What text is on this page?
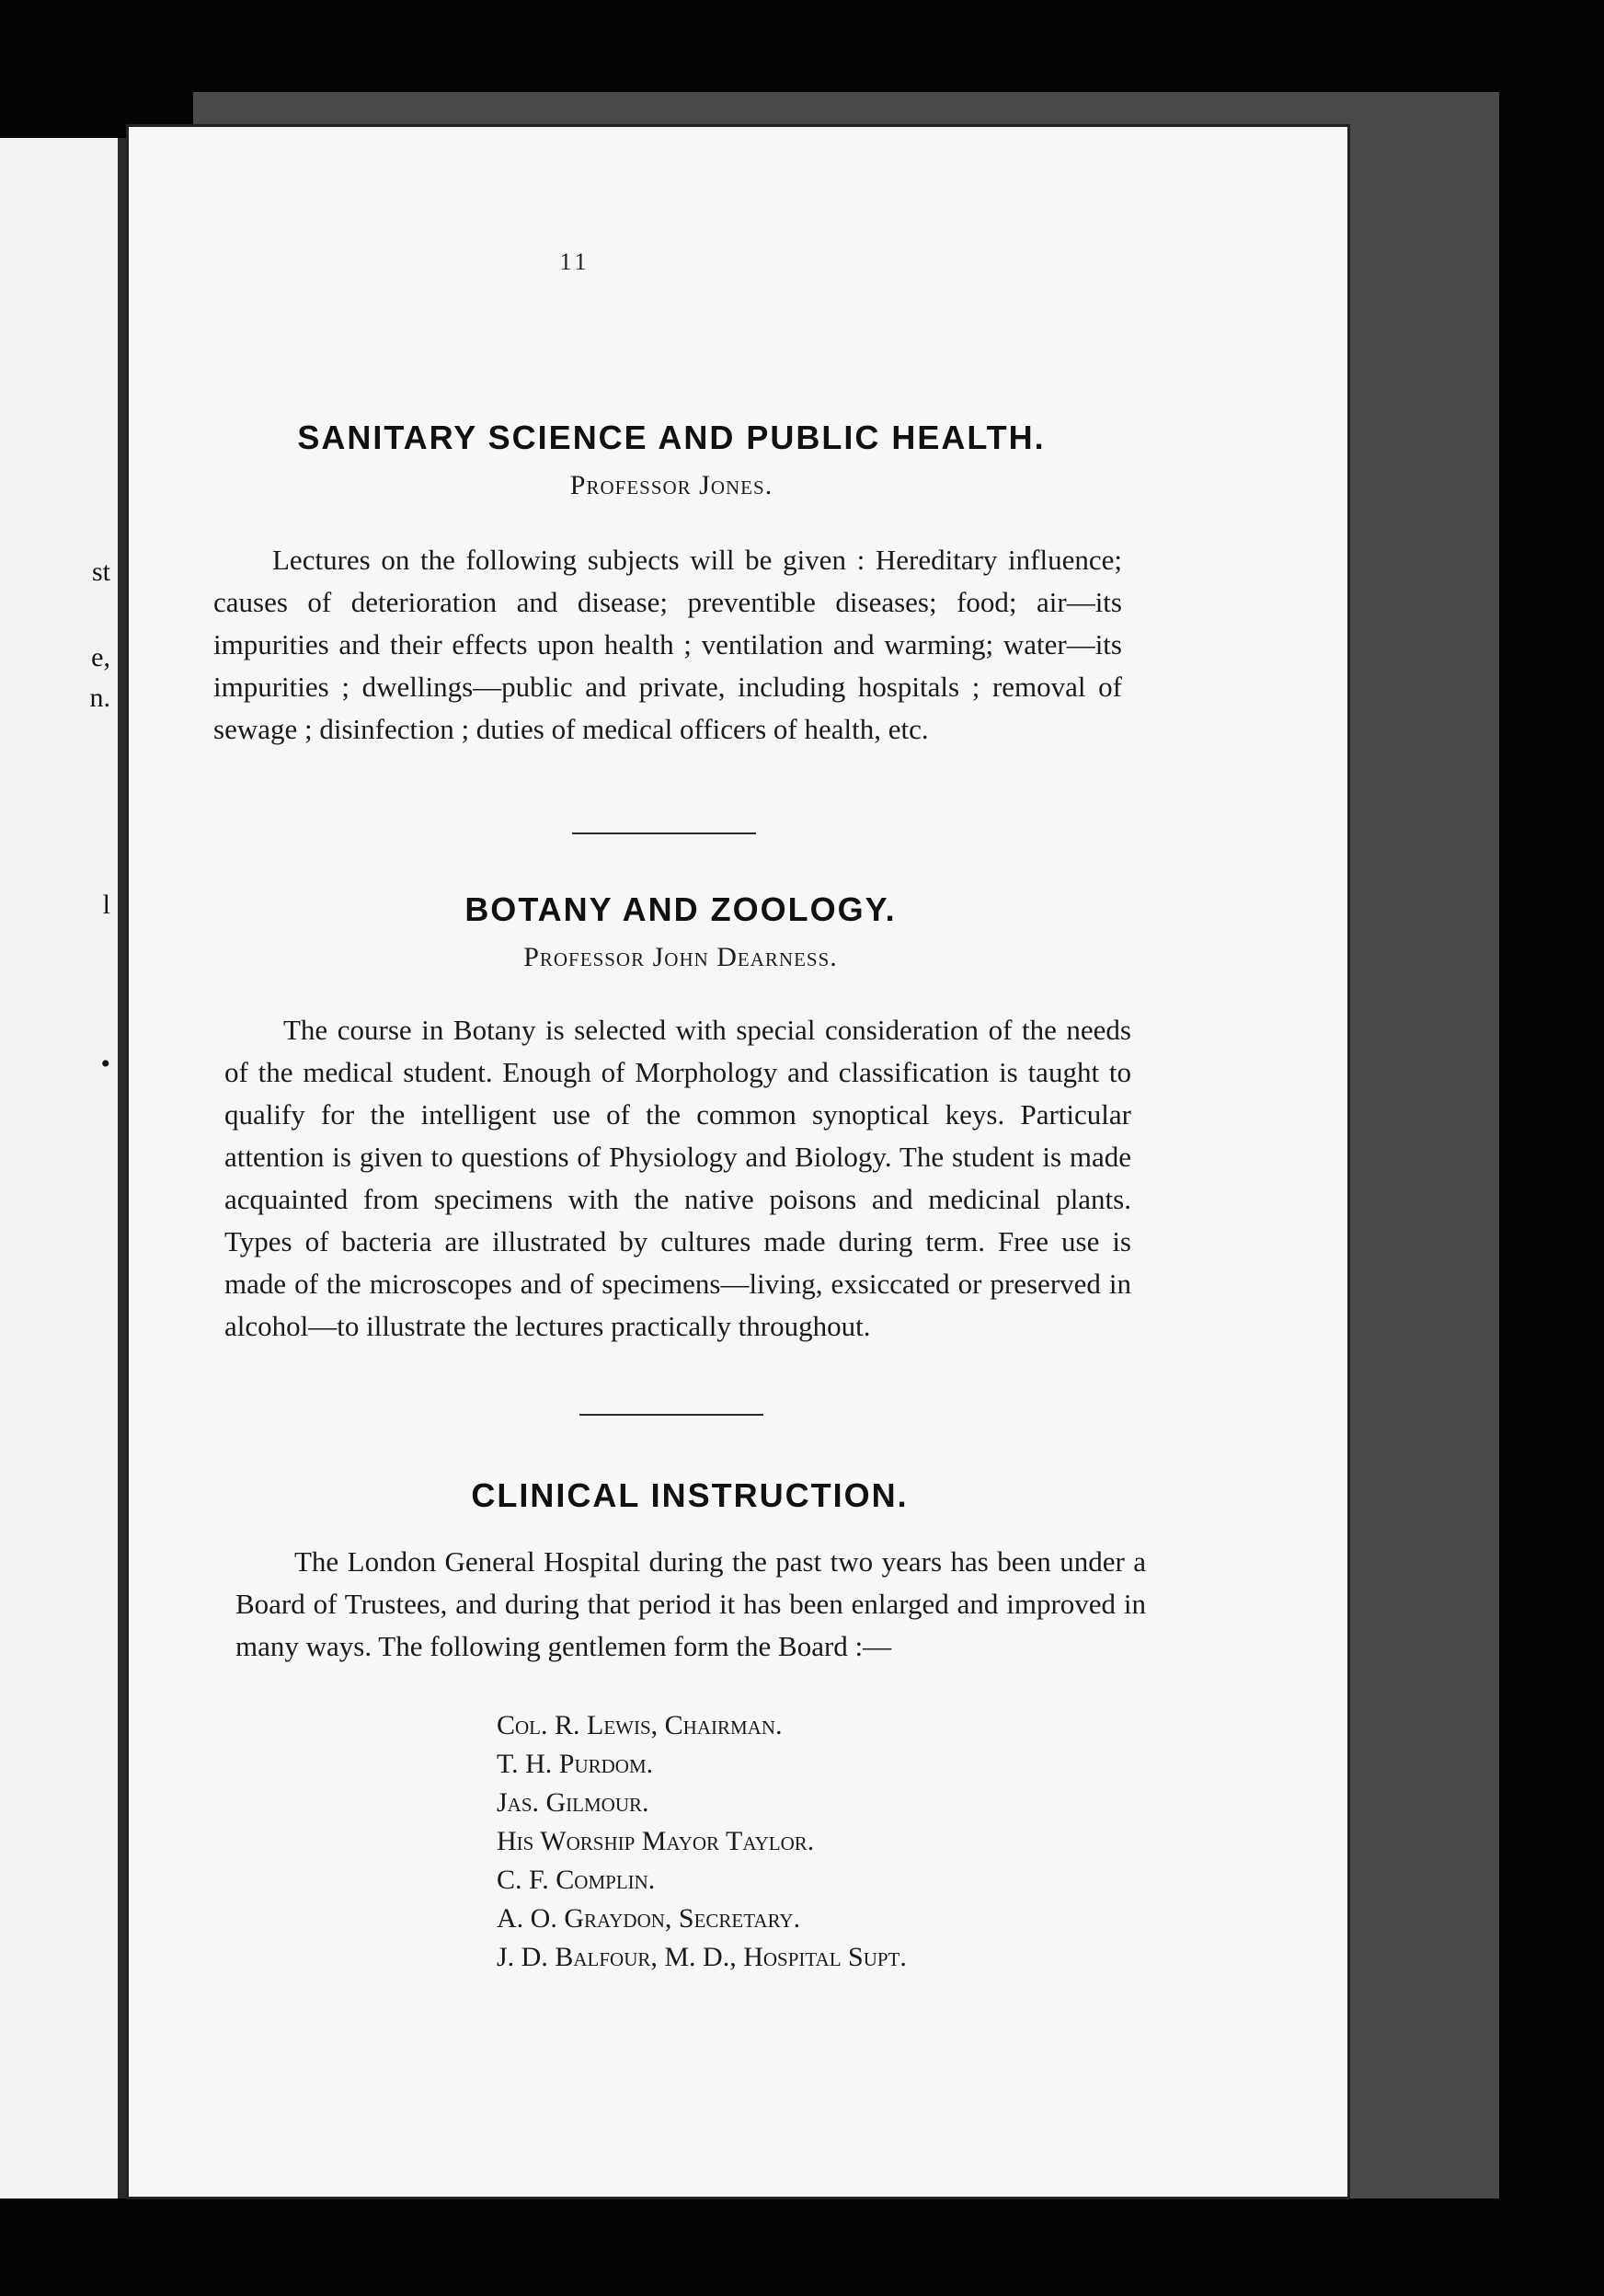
st
e,
n.
l
•
11
SANITARY SCIENCE AND PUBLIC HEALTH.
Professor Jones.
Lectures on the following subjects will be given : Hereditary influence; causes of deterioration and disease; preventible diseases; food; air—its impurities and their effects upon health ; ventilation and warming; water—its impurities ; dwellings—public and private, including hospitals ; removal of sewage ; disinfection ; duties of medical officers of health, etc.
BOTANY AND ZOOLOGY.
Professor John Dearness.
The course in Botany is selected with special consideration of the needs of the medical student. Enough of Morphology and classification is taught to qualify for the intelligent use of the common synoptical keys. Particular attention is given to questions of Physiology and Biology. The student is made acquainted from specimens with the native poisons and medicinal plants. Types of bacteria are illustrated by cultures made during term. Free use is made of the microscopes and of specimens—living, exsiccated or preserved in alcohol—to illustrate the lectures practically throughout.
CLINICAL INSTRUCTION.
The London General Hospital during the past two years has been under a Board of Trustees, and during that period it has been enlarged and improved in many ways. The following gentlemen form the Board :—
Col. R. Lewis, Chairman.
T. H. Purdom.
Jas. Gilmour.
His Worship Mayor Taylor.
C. F. Complin.
A. O. Graydon, Secretary.
J. D. Balfour, M. D., Hospital Supt.
